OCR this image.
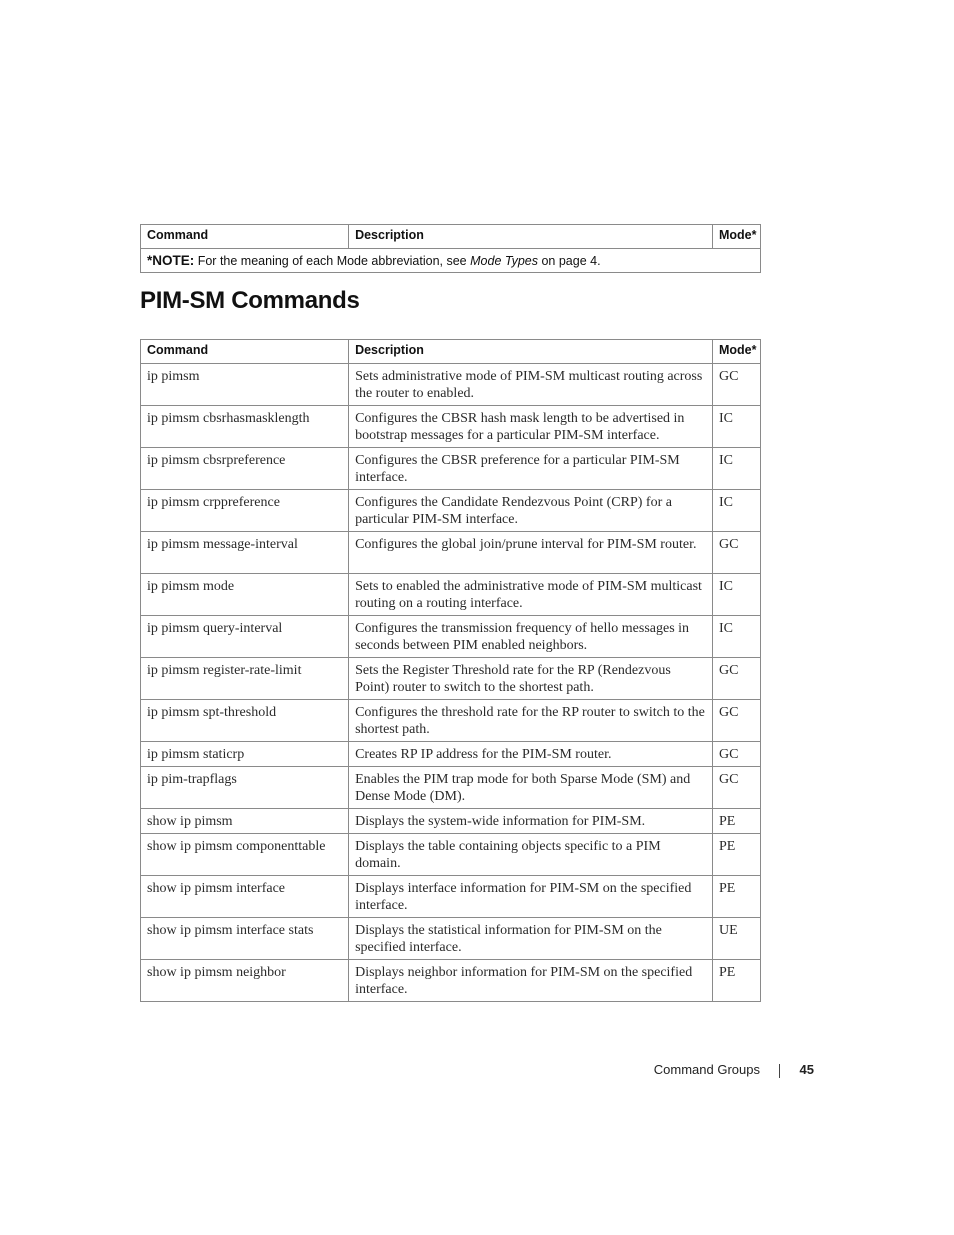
Command	Description	Mode*
*NOTE: For the meaning of each Mode abbreviation, see Mode Types on page 4.
PIM-SM Commands
Command	Description	Mode*
ip pimsm	Sets administrative mode of PIM-SM multicast routing across the router to enabled.	GC
ip pimsm cbsrhasmasklength	Configures the CBSR hash mask length to be advertised in bootstrap messages for a particular PIM-SM interface.	IC
ip pimsm cbsrpreference	Configures the CBSR preference for a particular PIM-SM interface.	IC
ip pimsm crppreference	Configures the Candidate Rendezvous Point (CRP) for a particular PIM-SM interface.	IC
ip pimsm message-interval	Configures the global join/prune interval for PIM-SM router.	GC
ip pimsm mode	Sets to enabled the administrative mode of PIM-SM multicast routing on a routing interface.	IC
ip pimsm query-interval	Configures the transmission frequency of hello messages in seconds between PIM enabled neighbors.	IC
ip pimsm register-rate-limit	Sets the Register Threshold rate for the RP (Rendezvous Point) router to switch to the shortest path.	GC
ip pimsm spt-threshold	Configures the threshold rate for the RP router to switch to the shortest path.	GC
ip pimsm staticrp	Creates RP IP address for the PIM-SM router.	GC
ip pim-trapflags	Enables the PIM trap mode for both Sparse Mode (SM) and Dense Mode (DM).	GC
show ip pimsm	Displays the system-wide information for PIM-SM.	PE
show ip pimsm componenttable	Displays the table containing objects specific to a PIM domain.	PE
show ip pimsm interface	Displays interface information for PIM-SM on the specified interface.	PE
show ip pimsm interface stats	Displays the statistical information for PIM-SM on the specified interface.	UE
show ip pimsm neighbor	Displays neighbor information for PIM-SM on the specified interface.	PE
Command Groups	45
